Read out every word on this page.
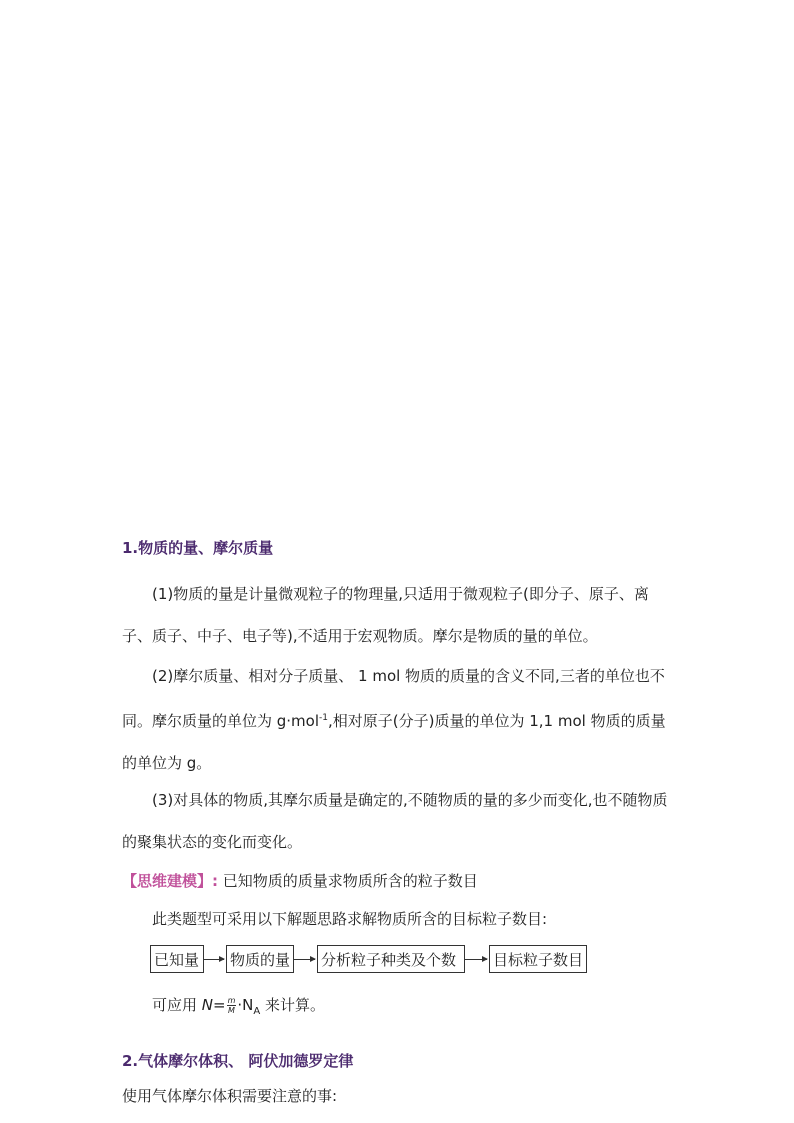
1.物质的量、摩尔质量

(1)物质的量是计量微观粒子的物理量,只适用于微观粒子(即分子、原子、离子、质子、中子、电子等),不适用于宏观物质。摩尔是物质的量的单位。

(2)摩尔质量、相对分子质量、 1 mol 物质的质量的含义不同,三者的单位也不同。摩尔质量的单位为 g·mol$^{-1}$,相对原子(分子)质量的单位为 1,1 mol 物质的质量的单位为 g。

(3)对具体的物质,其摩尔质量是确定的,不随物质的量的多少而变化,也不随物质的聚集状态的变化而变化。

【思维建模】: 已知物质的质量求物质所含的粒子数目

此类题型可采用以下解题思路求解物质所含的目标粒子数目:

已知量	物质的量 分析粒子种类及个数	目标粒子数目

可应用 $N= \frac{m}{M} \cdot N_A$ 来计算。

2.气体摩尔体积、 阿伏加德罗定律

使用气体摩尔体积需要注意的事:
